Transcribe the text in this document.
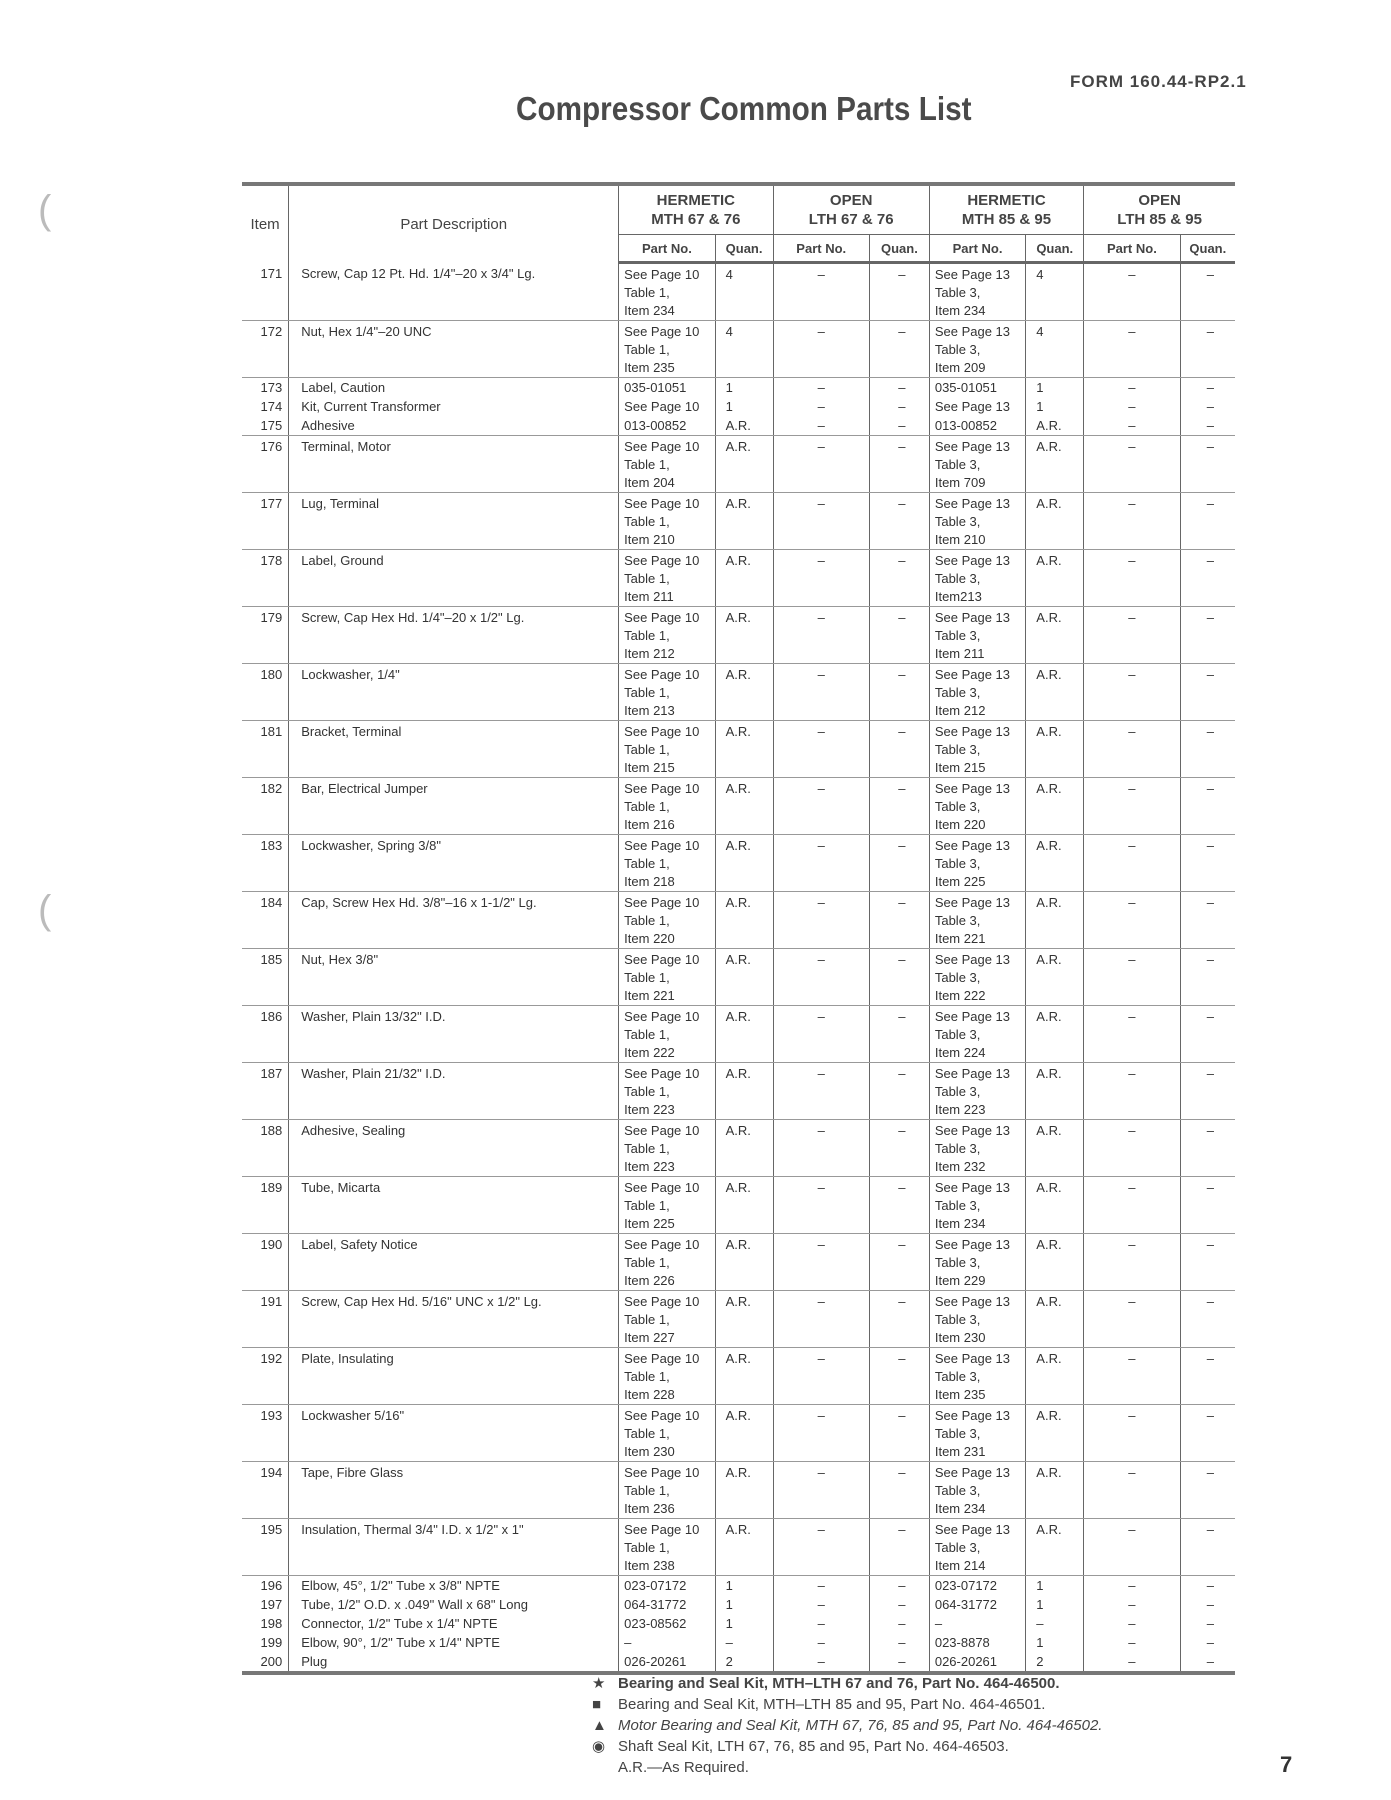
FORM 160.44-RP2.1
Compressor Common Parts List
(
(
Item	Part Description	HERMETIC
MTH 67 & 76		OPEN
LTH 67 & 76		HERMETIC
MTH 85 & 95		OPEN
LTH 85 & 95	
		Part No.	Quan.	Part No.	Quan.	Part No.	Quan.	Part No.	Quan.
171	Screw, Cap 12 Pt. Hd. 1/4"–20 x 3/4" Lg.	See Page 10
Table 1,
Item 234	4	–	–	See Page 13
Table 3,
Item 234	4	–	–
172	Nut, Hex 1/4"–20 UNC	See Page 10
Table 1,
Item 235	4	–	–	See Page 13
Table 3,
Item 209	4	–	–
173	Label, Caution	035-01051	1	–	–	035-01051	1	–	–
174	Kit, Current Transformer	See Page 10	1	–	–	See Page 13	1	–	–
175	Adhesive	013-00852	A.R.	–	–	013-00852	A.R.	–	–
176	Terminal, Motor	See Page 10
Table 1,
Item 204	A.R.	–	–	See Page 13
Table 3,
Item 709	A.R.	–	–
177	Lug, Terminal	See Page 10
Table 1,
Item 210	A.R.	–	–	See Page 13
Table 3,
Item 210	A.R.	–	–
178	Label, Ground	See Page 10
Table 1,
Item 211	A.R.	–	–	See Page 13
Table 3,
Item213	A.R.	–	–
179	Screw, Cap Hex Hd. 1/4"–20 x 1/2" Lg.	See Page 10
Table 1,
Item 212	A.R.	–	–	See Page 13
Table 3,
Item 211	A.R.	–	–
180	Lockwasher, 1/4"	See Page 10
Table 1,
Item 213	A.R.	–	–	See Page 13
Table 3,
Item 212	A.R.	–	–
181	Bracket, Terminal	See Page 10
Table 1,
Item 215	A.R.	–	–	See Page 13
Table 3,
Item 215	A.R.	–	–
182	Bar, Electrical Jumper	See Page 10
Table 1,
Item 216	A.R.	–	–	See Page 13
Table 3,
Item 220	A.R.	–	–
183	Lockwasher, Spring 3/8"	See Page 10
Table 1,
Item 218	A.R.	–	–	See Page 13
Table 3,
Item 225	A.R.	–	–
184	Cap, Screw Hex Hd. 3/8"–16 x 1-1/2" Lg.	See Page 10
Table 1,
Item 220	A.R.	–	–	See Page 13
Table 3,
Item 221	A.R.	–	–
185	Nut, Hex 3/8"	See Page 10
Table 1,
Item 221	A.R.	–	–	See Page 13
Table 3,
Item 222	A.R.	–	–
186	Washer, Plain 13/32" I.D.	See Page 10
Table 1,
Item 222	A.R.	–	–	See Page 13
Table 3,
Item 224	A.R.	–	–
187	Washer, Plain 21/32" I.D.	See Page 10
Table 1,
Item 223	A.R.	–	–	See Page 13
Table 3,
Item 223	A.R.	–	–
188	Adhesive, Sealing	See Page 10
Table 1,
Item 223	A.R.	–	–	See Page 13
Table 3,
Item 232	A.R.	–	–
189	Tube, Micarta	See Page 10
Table 1,
Item 225	A.R.	–	–	See Page 13
Table 3,
Item 234	A.R.	–	–
190	Label, Safety Notice	See Page 10
Table 1,
Item 226	A.R.	–	–	See Page 13
Table 3,
Item 229	A.R.	–	–
191	Screw, Cap Hex Hd. 5/16" UNC x 1/2" Lg.	See Page 10
Table 1,
Item 227	A.R.	–	–	See Page 13
Table 3,
Item 230	A.R.	–	–
192	Plate, Insulating	See Page 10
Table 1,
Item 228	A.R.	–	–	See Page 13
Table 3,
Item 235	A.R.	–	–
193	Lockwasher 5/16"	See Page 10
Table 1,
Item 230	A.R.	–	–	See Page 13
Table 3,
Item 231	A.R.	–	–
194	Tape, Fibre Glass	See Page 10
Table 1,
Item 236	A.R.	–	–	See Page 13
Table 3,
Item 234	A.R.	–	–
195	Insulation, Thermal 3/4" I.D. x 1/2" x 1"	See Page 10
Table 1,
Item 238	A.R.	–	–	See Page 13
Table 3,
Item 214	A.R.	–	–
196	Elbow, 45°, 1/2" Tube x 3/8" NPTE	023-07172	1	–	–	023-07172	1	–	–
197	Tube, 1/2" O.D. x .049" Wall x 68" Long	064-31772	1	–	–	064-31772	1	–	–
198	Connector, 1/2" Tube x 1/4" NPTE	023-08562	1	–	–	–	–	–	–
199	Elbow, 90°, 1/2" Tube x 1/4" NPTE	–	–	–	–	023-8878	1	–	–
200	Plug	026-20261	2	–	–	026-20261	2	–	–
★ Bearing and Seal Kit, MTH–LTH 67 and 76, Part No. 464-46500.
■	Bearing and Seal Kit, MTH–LTH 85 and 95, Part No. 464-46501.
▲ Motor Bearing and Seal Kit, MTH 67, 76, 85 and 95, Part No. 464-46502.
◉ Shaft Seal Kit, LTH 67, 76, 85 and 95, Part No. 464-46503.
A.R.—As Required.	7
